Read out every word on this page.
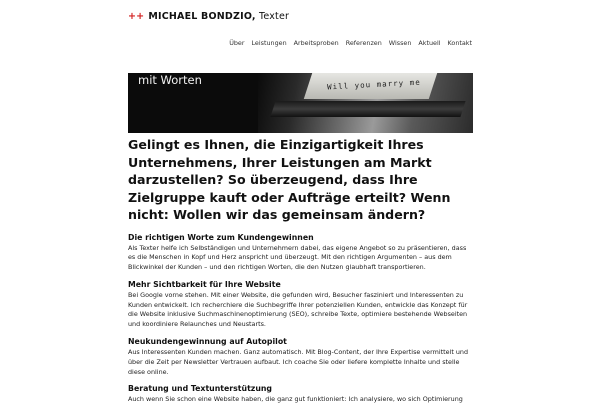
++ MICHAEL BONDZIO, Texter
Über Leistungen Arbeitsproben Referenzen Wissen Aktuell Kontakt
mit Worten	Will you marry me
Gelingt es Ihnen, die Einzigartigkeit Ihres Unternehmens, Ihrer Leistungen am Markt darzustellen? So überzeugend, dass Ihre Zielgruppe kauft oder Aufträge erteilt? Wenn nicht: Wollen wir das gemeinsam ändern?
Die richtigen Worte zum Kundengewinnen

Als Texter helfe ich Selbständigen und Unternehmern dabei, das eigene Angebot so zu präsentieren, dass es die Menschen in Kopf und Herz anspricht und überzeugt. Mit den richtigen Argumenten – aus dem Blickwinkel der Kunden – und den richtigen Worten, die den Nutzen glaubhaft transportieren.

Mehr Sichtbarkeit für Ihre Website

Bei Google vorne stehen. Mit einer Website, die gefunden wird, Besucher fasziniert und Interessenten zu Kunden entwickelt. Ich recherchiere die Suchbegriffe Ihrer potenziellen Kunden, entwickle das Konzept für die Website inklusive Suchmaschinenoptimierung (SEO), schreibe Texte, optimiere bestehende Webseiten und koordiniere Relaunches und Neustarts.

Neukundengewinnung auf Autopilot

Aus Interessenten Kunden machen. Ganz automatisch. Mit Blog-Content, der Ihre Expertise vermittelt und über die Zeit per Newsletter Vertrauen aufbaut. Ich coache Sie oder liefere komplette Inhalte und stelle diese online.

Beratung und Textunterstützung

Auch wenn Sie schon eine Website haben, die ganz gut funktioniert: Ich analysiere, wo sich Optimierung
